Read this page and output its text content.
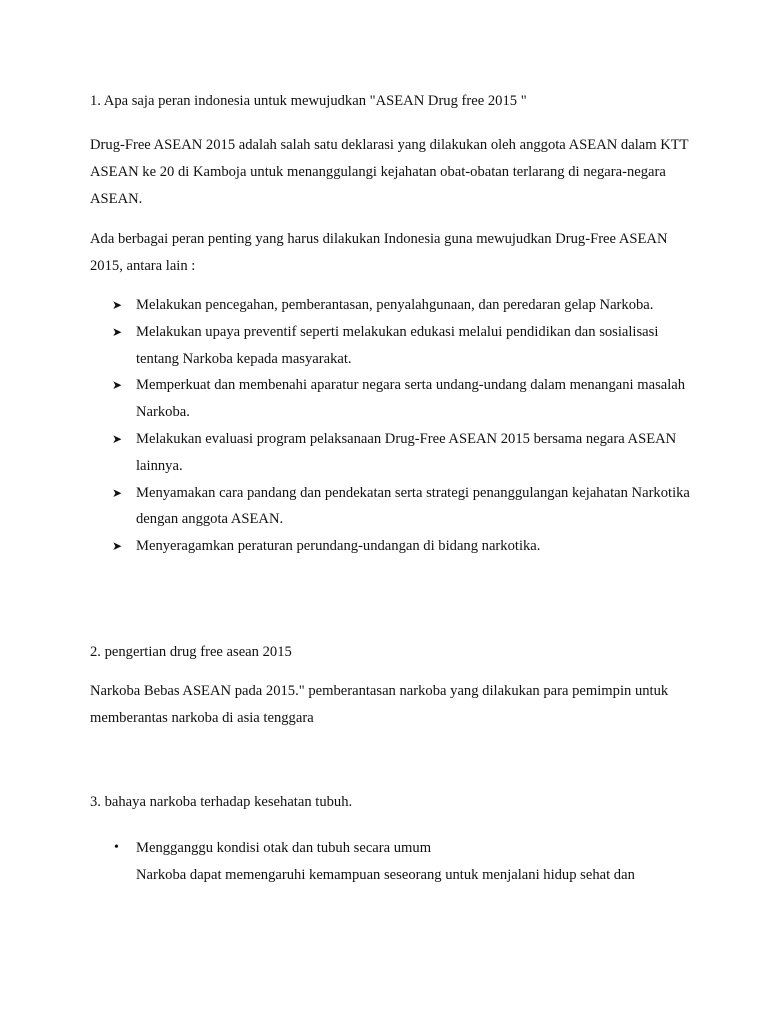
1. Apa saja peran indonesia untuk mewujudkan "ASEAN Drug free 2015 "

Drug-Free ASEAN 2015 adalah salah satu deklarasi yang dilakukan oleh anggota ASEAN dalam KTT ASEAN ke 20 di Kamboja untuk menanggulangi kejahatan obat-obatan terlarang di negara-negara ASEAN.

Ada berbagai peran penting yang harus dilakukan Indonesia guna mewujudkan Drug-Free ASEAN 2015, antara lain :

➤ Melakukan pencegahan, pemberantasan, penyalahgunaan, dan peredaran gelap Narkoba.
➤ Melakukan upaya preventif seperti melakukan edukasi melalui pendidikan dan sosialisasi tentang Narkoba kepada masyarakat.
➤ Memperkuat dan membenahi aparatur negara serta undang-undang dalam menangani masalah Narkoba.
➤ Melakukan evaluasi program pelaksanaan Drug-Free ASEAN 2015 bersama negara ASEAN lainnya.
➤ Menyamakan cara pandang dan pendekatan serta strategi penanggulangan kejahatan Narkotika dengan anggota ASEAN.
➤ Menyeragamkan peraturan perundang-undangan di bidang narkotika.

2. pengertian drug free asean 2015

Narkoba Bebas ASEAN pada 2015." pemberantasan narkoba yang dilakukan para pemimpin untuk memberantas narkoba di asia tenggara

3. bahaya narkoba terhadap kesehatan tubuh.

• Mengganggu kondisi otak dan tubuh secara umum
Narkoba dapat memengaruhi kemampuan seseorang untuk menjalani hidup sehat dan
